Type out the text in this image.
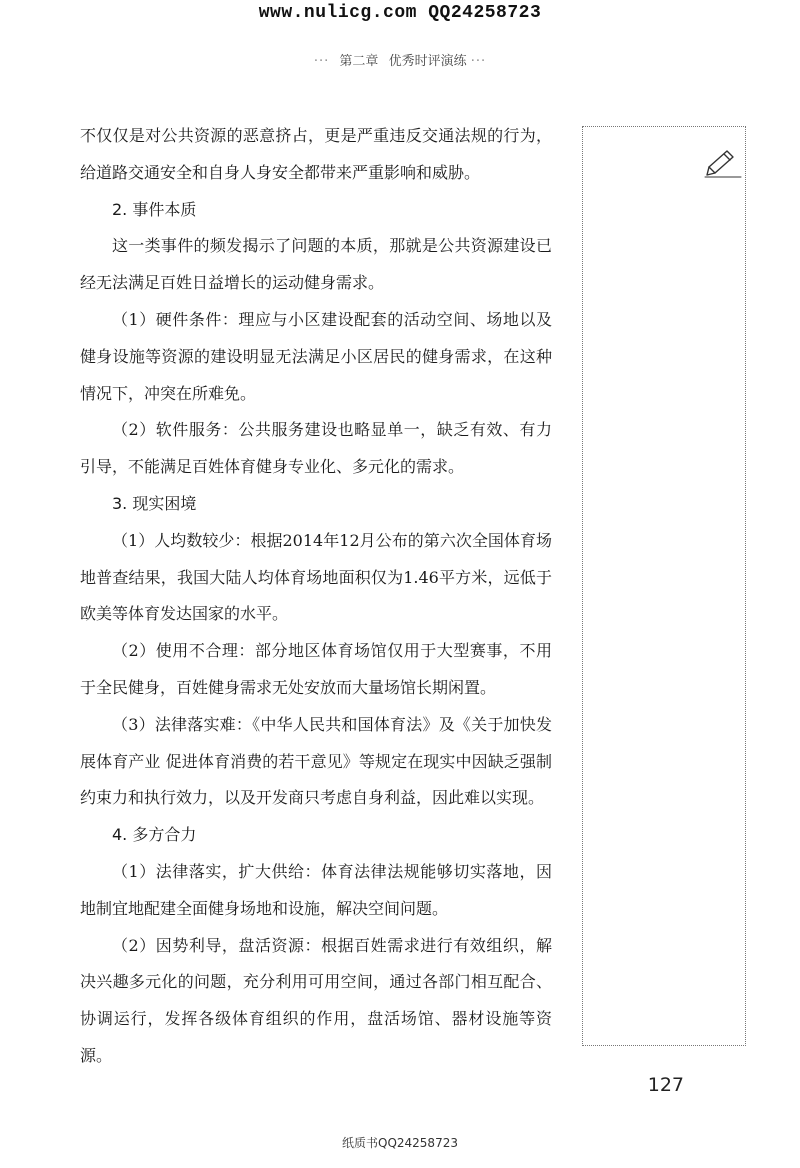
www.nulicg.com QQ24258723
··· 第二章 优秀时评演练 ···

不仅仅是对公共资源的恶意挤占，更是严重违反交通法规的行为，给道路交通安全和自身人身安全都带来严重影响和威胁。

2. 事件本质

这一类事件的频发揭示了问题的本质，那就是公共资源建设已经无法满足百姓日益增长的运动健身需求。

（1）硬件条件：理应与小区建设配套的活动空间、场地以及健身设施等资源的建设明显无法满足小区居民的健身需求，在这种情况下，冲突在所难免。

（2）软件服务：公共服务建设也略显单一，缺乏有效、有力引导，不能满足百姓体育健身专业化、多元化的需求。

3. 现实困境

（1）人均数较少：根据2014年12月公布的第六次全国体育场地普查结果，我国大陆人均体育场地面积仅为1.46平方米，远低于欧美等体育发达国家的水平。

（2）使用不合理：部分地区体育场馆仅用于大型赛事，不用于全民健身，百姓健身需求无处安放而大量场馆长期闲置。

（3）法律落实难：《中华人民共和国体育法》及《关于加快发展体育产业 促进体育消费的若干意见》等规定在现实中因缺乏强制约束力和执行效力，以及开发商只考虑自身利益，因此难以实现。

4. 多方合力

（1）法律落实，扩大供给：体育法律法规能够切实落地，因地制宜地配建全面健身场地和设施，解决空间问题。

（2）因势利导，盘活资源：根据百姓需求进行有效组织，解决兴趣多元化的问题，充分利用可用空间，通过各部门相互配合、协调运行，发挥各级体育组织的作用，盘活场馆、器材设施等资源。

127
纸质书QQ24258723
